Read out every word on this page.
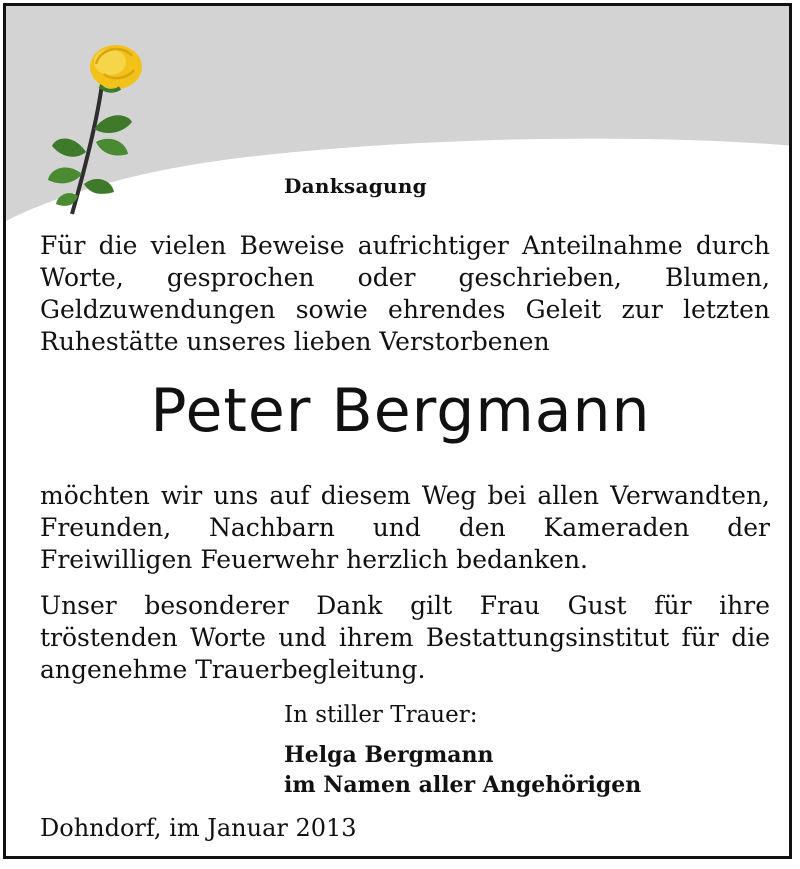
Danksagung
Für die vielen Beweise aufrichtiger Anteilnahme durch Worte, gesprochen oder geschrieben, Blumen, Geldzuwendungen sowie ehrendes Geleit zur letzten Ruhestätte unseres lieben Verstorbenen
Peter Bergmann
möchten wir uns auf diesem Weg bei allen Verwandten, Freunden, Nachbarn und den Kameraden der Freiwilligen Feuerwehr herzlich bedanken.
Unser besonderer Dank gilt Frau Gust für ihre tröstenden Worte und ihrem Bestattungsinstitut für die angenehme Trauerbegleitung.
In stiller Trauer:
Helga Bergmann
im Namen aller Angehörigen
Dohndorf, im Januar 2013
